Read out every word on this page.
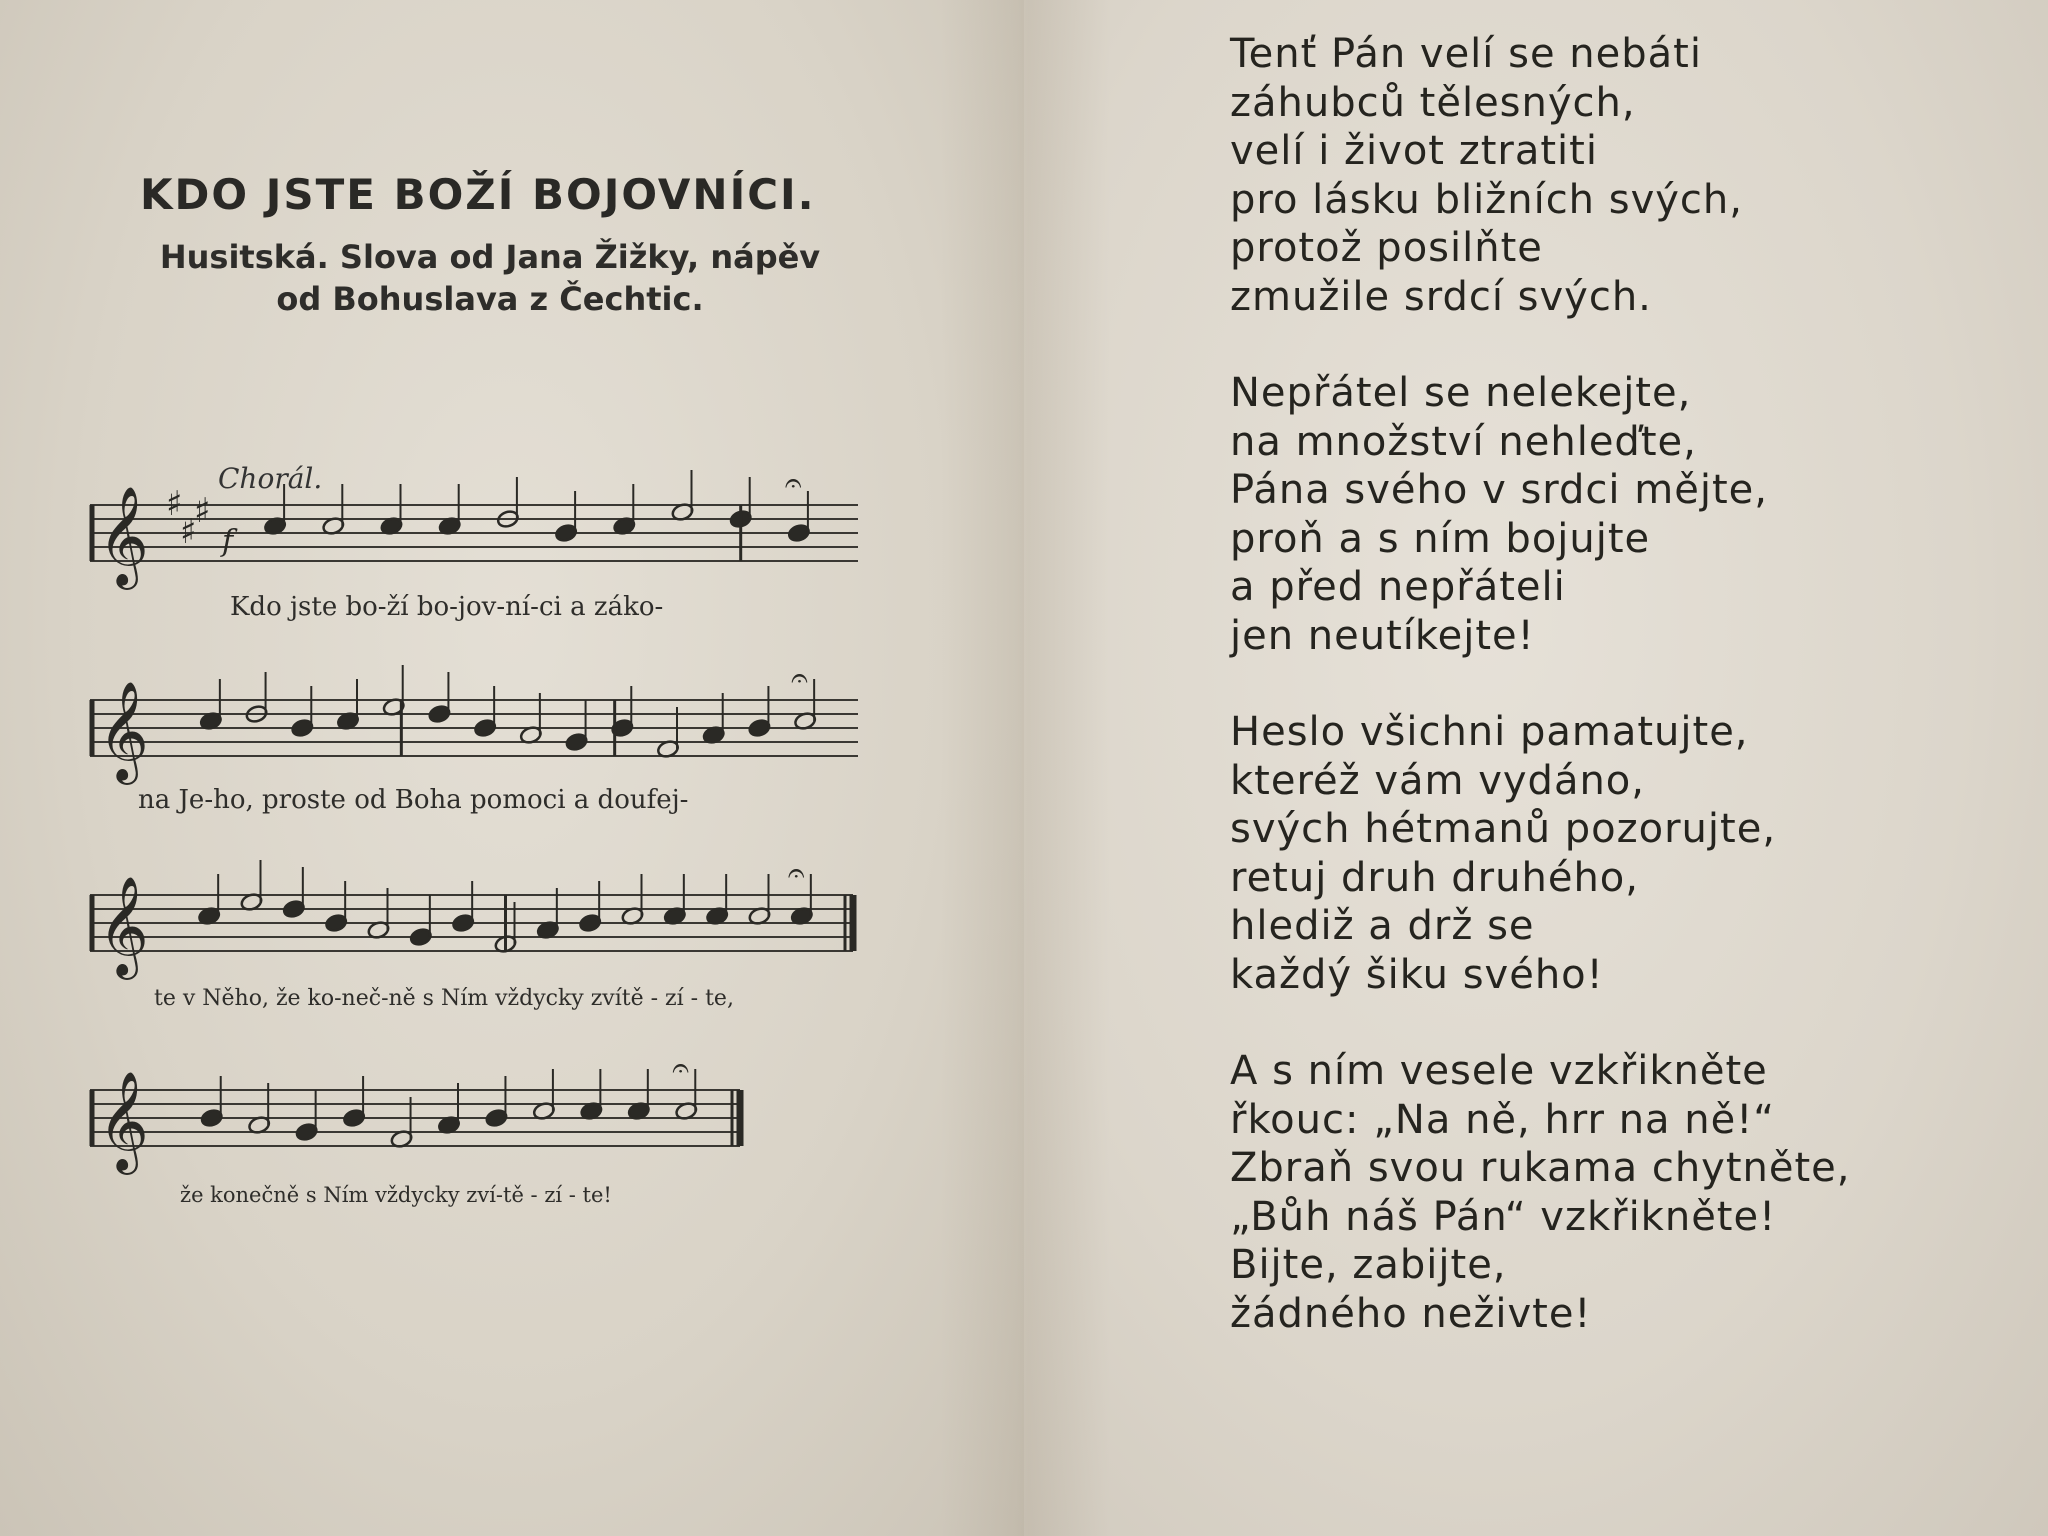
KDO JSTE BOŽÍ BOJOVNÍCI.
Husitská. Slova od Jana Žižky, nápěv
od Bohuslava z Čechtic.
Chorál.
𝄞 ♯
♯
♯
f
𝄐
Kdo jste bo-ží bo-jov-ní-ci a záko-
𝄞
𝄐
na Je-ho, proste od Boha pomoci a doufej-
𝄞
𝄐
te v Něho, že ko-neč-ně s Ním vždycky zvítě - zí - te,
𝄞
𝄐
že konečně s Ním vždycky zví-tě - zí - te!
Tenť Pán velí se nebáti
záhubců tělesných,
velí i život ztratiti
pro lásku bližních svých,
protož posilňte
zmužile srdcí svých.
Nepřátel se nelekejte,
na množství nehleďte,
Pána svého v srdci mějte,
proň a s ním bojujte
a před nepřáteli
jen neutíkejte!
Heslo všichni pamatujte,
kteréž vám vydáno,
svých hétmanů pozorujte,
retuj druh druhého,
hlediž a drž se
každý šiku svého!
A s ním vesele vzkřikněte
řkouc: „Na ně, hrr na ně!“
Zbraň svou rukama chytněte,
„Bůh náš Pán“ vzkřikněte!
Bijte, zabijte,
žádného neživte!
